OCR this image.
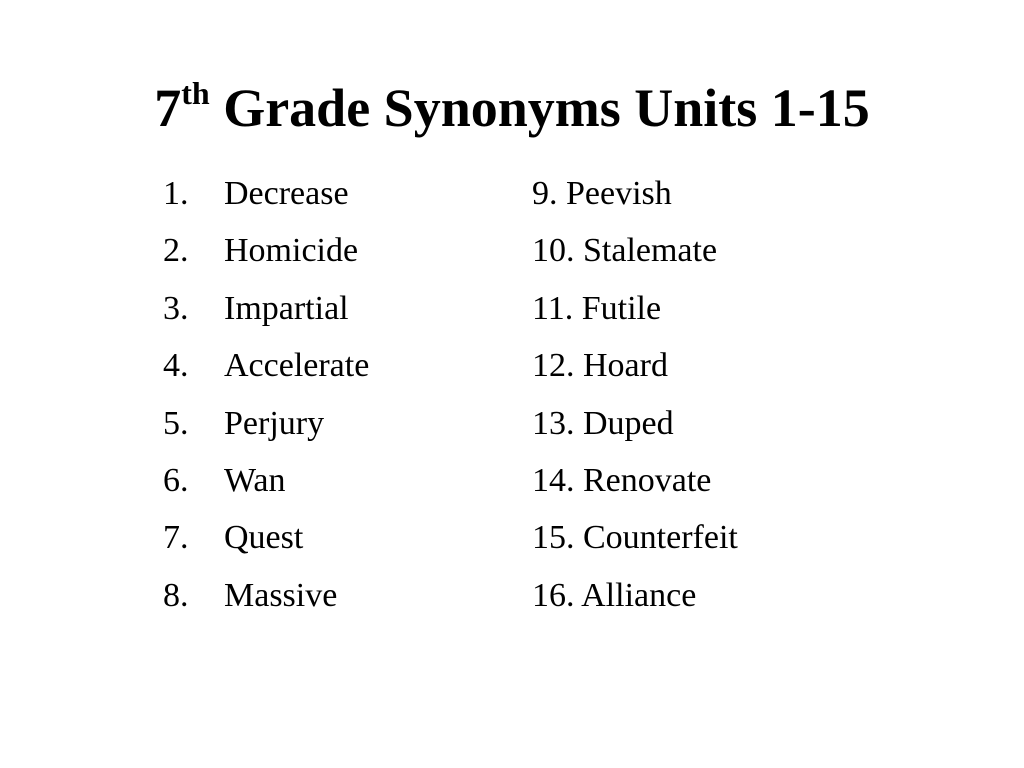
7th Grade Synonyms Units 1-15
1. Decrease
2. Homicide
3. Impartial
4. Accelerate
5. Perjury
6. Wan
7. Quest
8. Massive
9. Peevish
10. Stalemate
11. Futile
12. Hoard
13. Duped
14. Renovate
15. Counterfeit
16. Alliance
